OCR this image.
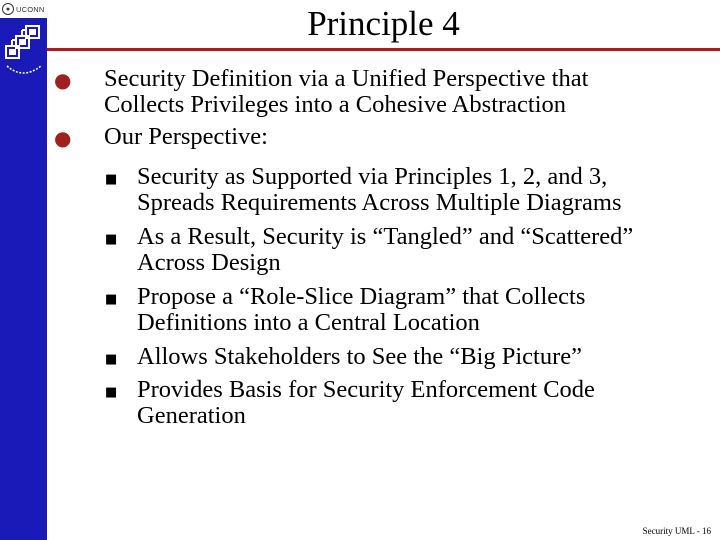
● UCONN	Principle 4
● Security Definition via a Unified Perspective that
Collects Privileges into a Cohesive Abstraction
● Our Perspective:
■ Security as Supported via Principles 1, 2, and 3,
Spreads Requirements Across Multiple Diagrams
■ As a Result, Security is “Tangled” and “Scattered”
Across Design
■ Propose a “Role-Slice Diagram” that Collects
Definitions into a Central Location
■ Allows Stakeholders to See the “Big Picture”
■ Provides Basis for Security Enforcement Code
Generation
Security UML - 16
